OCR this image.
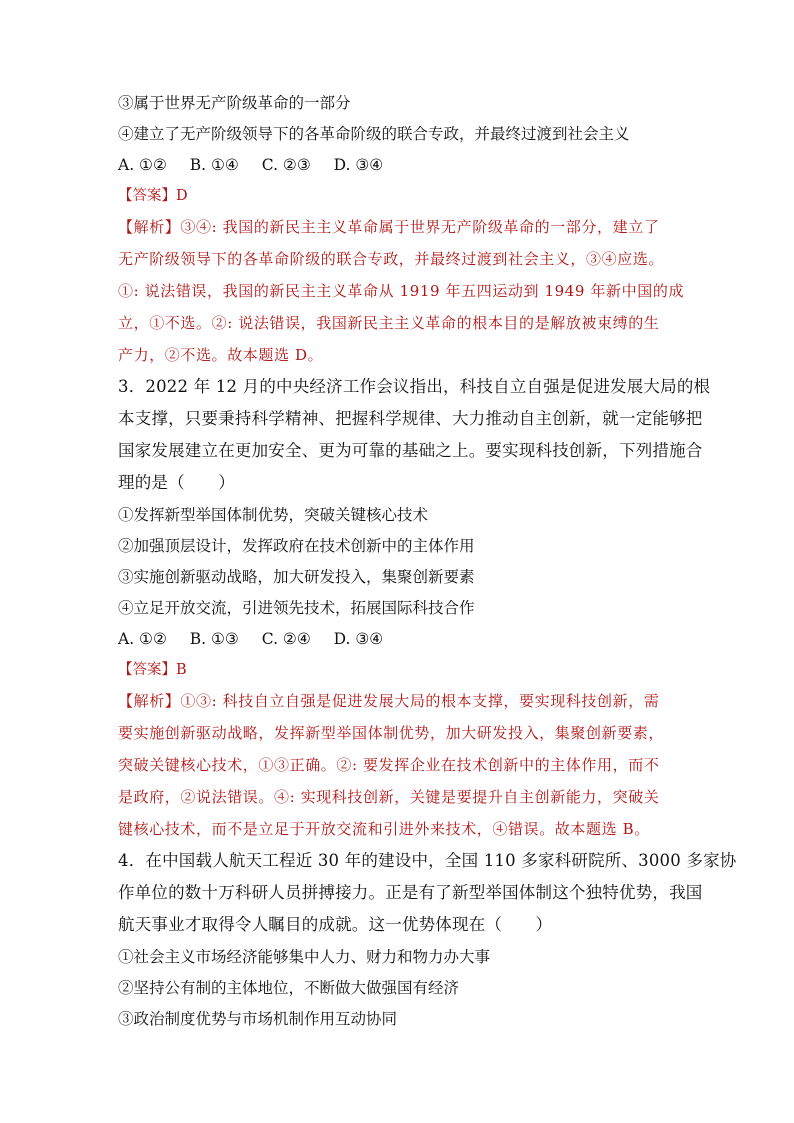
③属于世界无产阶级革命的一部分

④建立了无产阶级领导下的各革命阶级的联合专政，并最终过渡到社会主义

A. ①② B. ①④ C. ②③ D. ③④

【答案】D

【解析】③④: 我国的新民主主义革命属于世界无产阶级革命的一部分，建立了

无产阶级领导下的各革命阶级的联合专政，并最终过渡到社会主义，③④应选。

①: 说法错误，我国的新民主主义革命从 1919 年五四运动到 1949 年新中国的成

立，①不选。②: 说法错误，我国新民主主义革命的根本目的是解放被束缚的生

产力，②不选。故本题选 D。

3．2022 年 12 月的中央经济工作会议指出，科技自立自强是促进发展大局的根

本支撑，只要秉持科学精神、把握科学规律、大力推动自主创新，就一定能够把

国家发展建立在更加安全、更为可靠的基础之上。要实现科技创新，下列措施合

理的是（　　）

①发挥新型举国体制优势，突破关键核心技术

②加强顶层设计，发挥政府在技术创新中的主体作用

③实施创新驱动战略，加大研发投入，集聚创新要素

④立足开放交流，引进领先技术，拓展国际科技合作

A. ①② B. ①③ C. ②④ D. ③④

【答案】B

【解析】①③: 科技自立自强是促进发展大局的根本支撑，要实现科技创新，需

要实施创新驱动战略，发挥新型举国体制优势，加大研发投入，集聚创新要素，

突破关键核心技术，①③正确。②: 要发挥企业在技术创新中的主体作用，而不

是政府，②说法错误。④: 实现科技创新，关键是要提升自主创新能力，突破关

键核心技术，而不是立足于开放交流和引进外来技术，④错误。故本题选 B。

4．在中国载人航天工程近 30 年的建设中，全国 110 多家科研院所、3000 多家协

作单位的数十万科研人员拼搏接力。正是有了新型举国体制这个独特优势，我国

航天事业才取得令人瞩目的成就。这一优势体现在（　　）

①社会主义市场经济能够集中人力、财力和物力办大事

②坚持公有制的主体地位，不断做大做强国有经济

③政治制度优势与市场机制作用互动协同
